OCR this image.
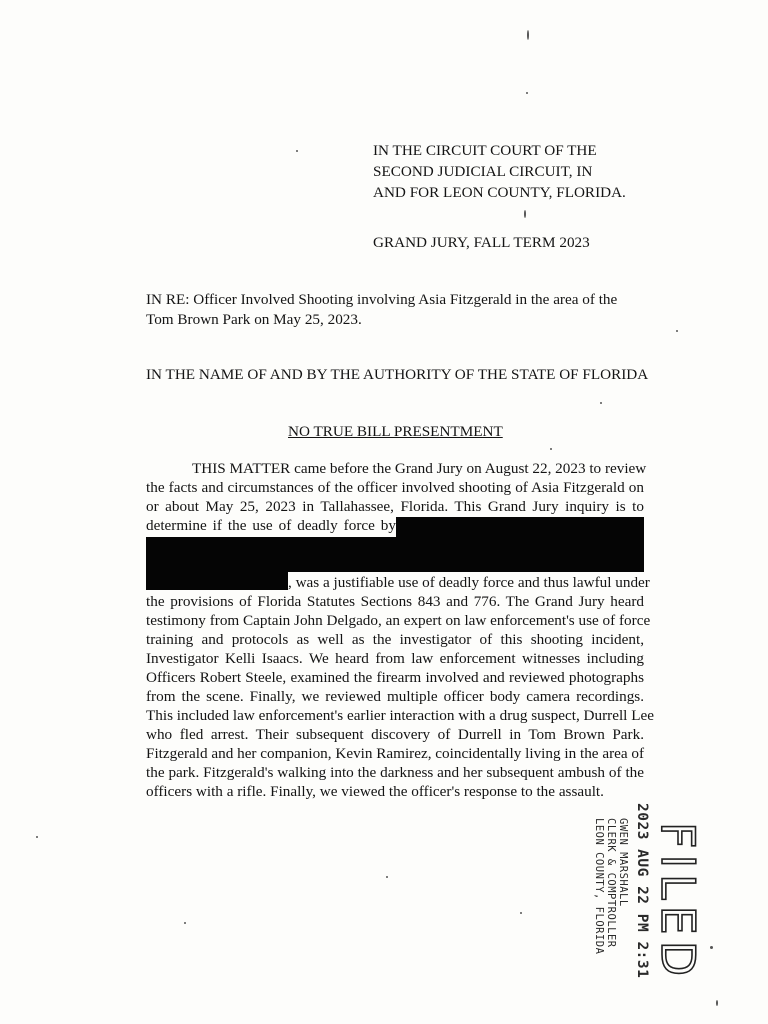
IN THE CIRCUIT COURT OF THE
SECOND JUDICIAL CIRCUIT, IN
AND FOR LEON COUNTY, FLORIDA.
GRAND JURY, FALL TERM 2023
IN RE: Officer Involved Shooting involving Asia Fitzgerald in the area of the Tom Brown Park on May 25, 2023.
IN THE NAME OF AND BY THE AUTHORITY OF THE STATE OF FLORIDA
NO TRUE BILL PRESENTMENT
THIS MATTER came before the Grand Jury on August 22, 2023 to review
the facts and circumstances of the officer involved shooting of Asia Fitzgerald on
or about May 25, 2023 in Tallahassee, Florida. This Grand Jury inquiry is to
determine if the use of deadly force by
, was a justifiable use of deadly force and thus lawful under
the provisions of Florida Statutes Sections 843 and 776. The Grand Jury heard
testimony from Captain John Delgado, an expert on law enforcement's use of force
training and protocols as well as the investigator of this shooting incident,
Investigator Kelli Isaacs. We heard from law enforcement witnesses including
Officers Robert Steele, examined the firearm involved and reviewed photographs
from the scene. Finally, we reviewed multiple officer body camera recordings.
This included law enforcement's earlier interaction with a drug suspect, Durrell Lee
who fled arrest. Their subsequent discovery of Durrell in Tom Brown Park.
Fitzgerald and her companion, Kevin Ramirez, coincidentally living in the area of
the park. Fitzgerald's walking into the darkness and her subsequent ambush of the
officers with a rifle. Finally, we viewed the officer's response to the assault.
2023 AUG 22 PM 2:31
GWEN MARSHALL
CLERK & COMPTROLLER
LEON COUNTY, FLORIDA FILED
